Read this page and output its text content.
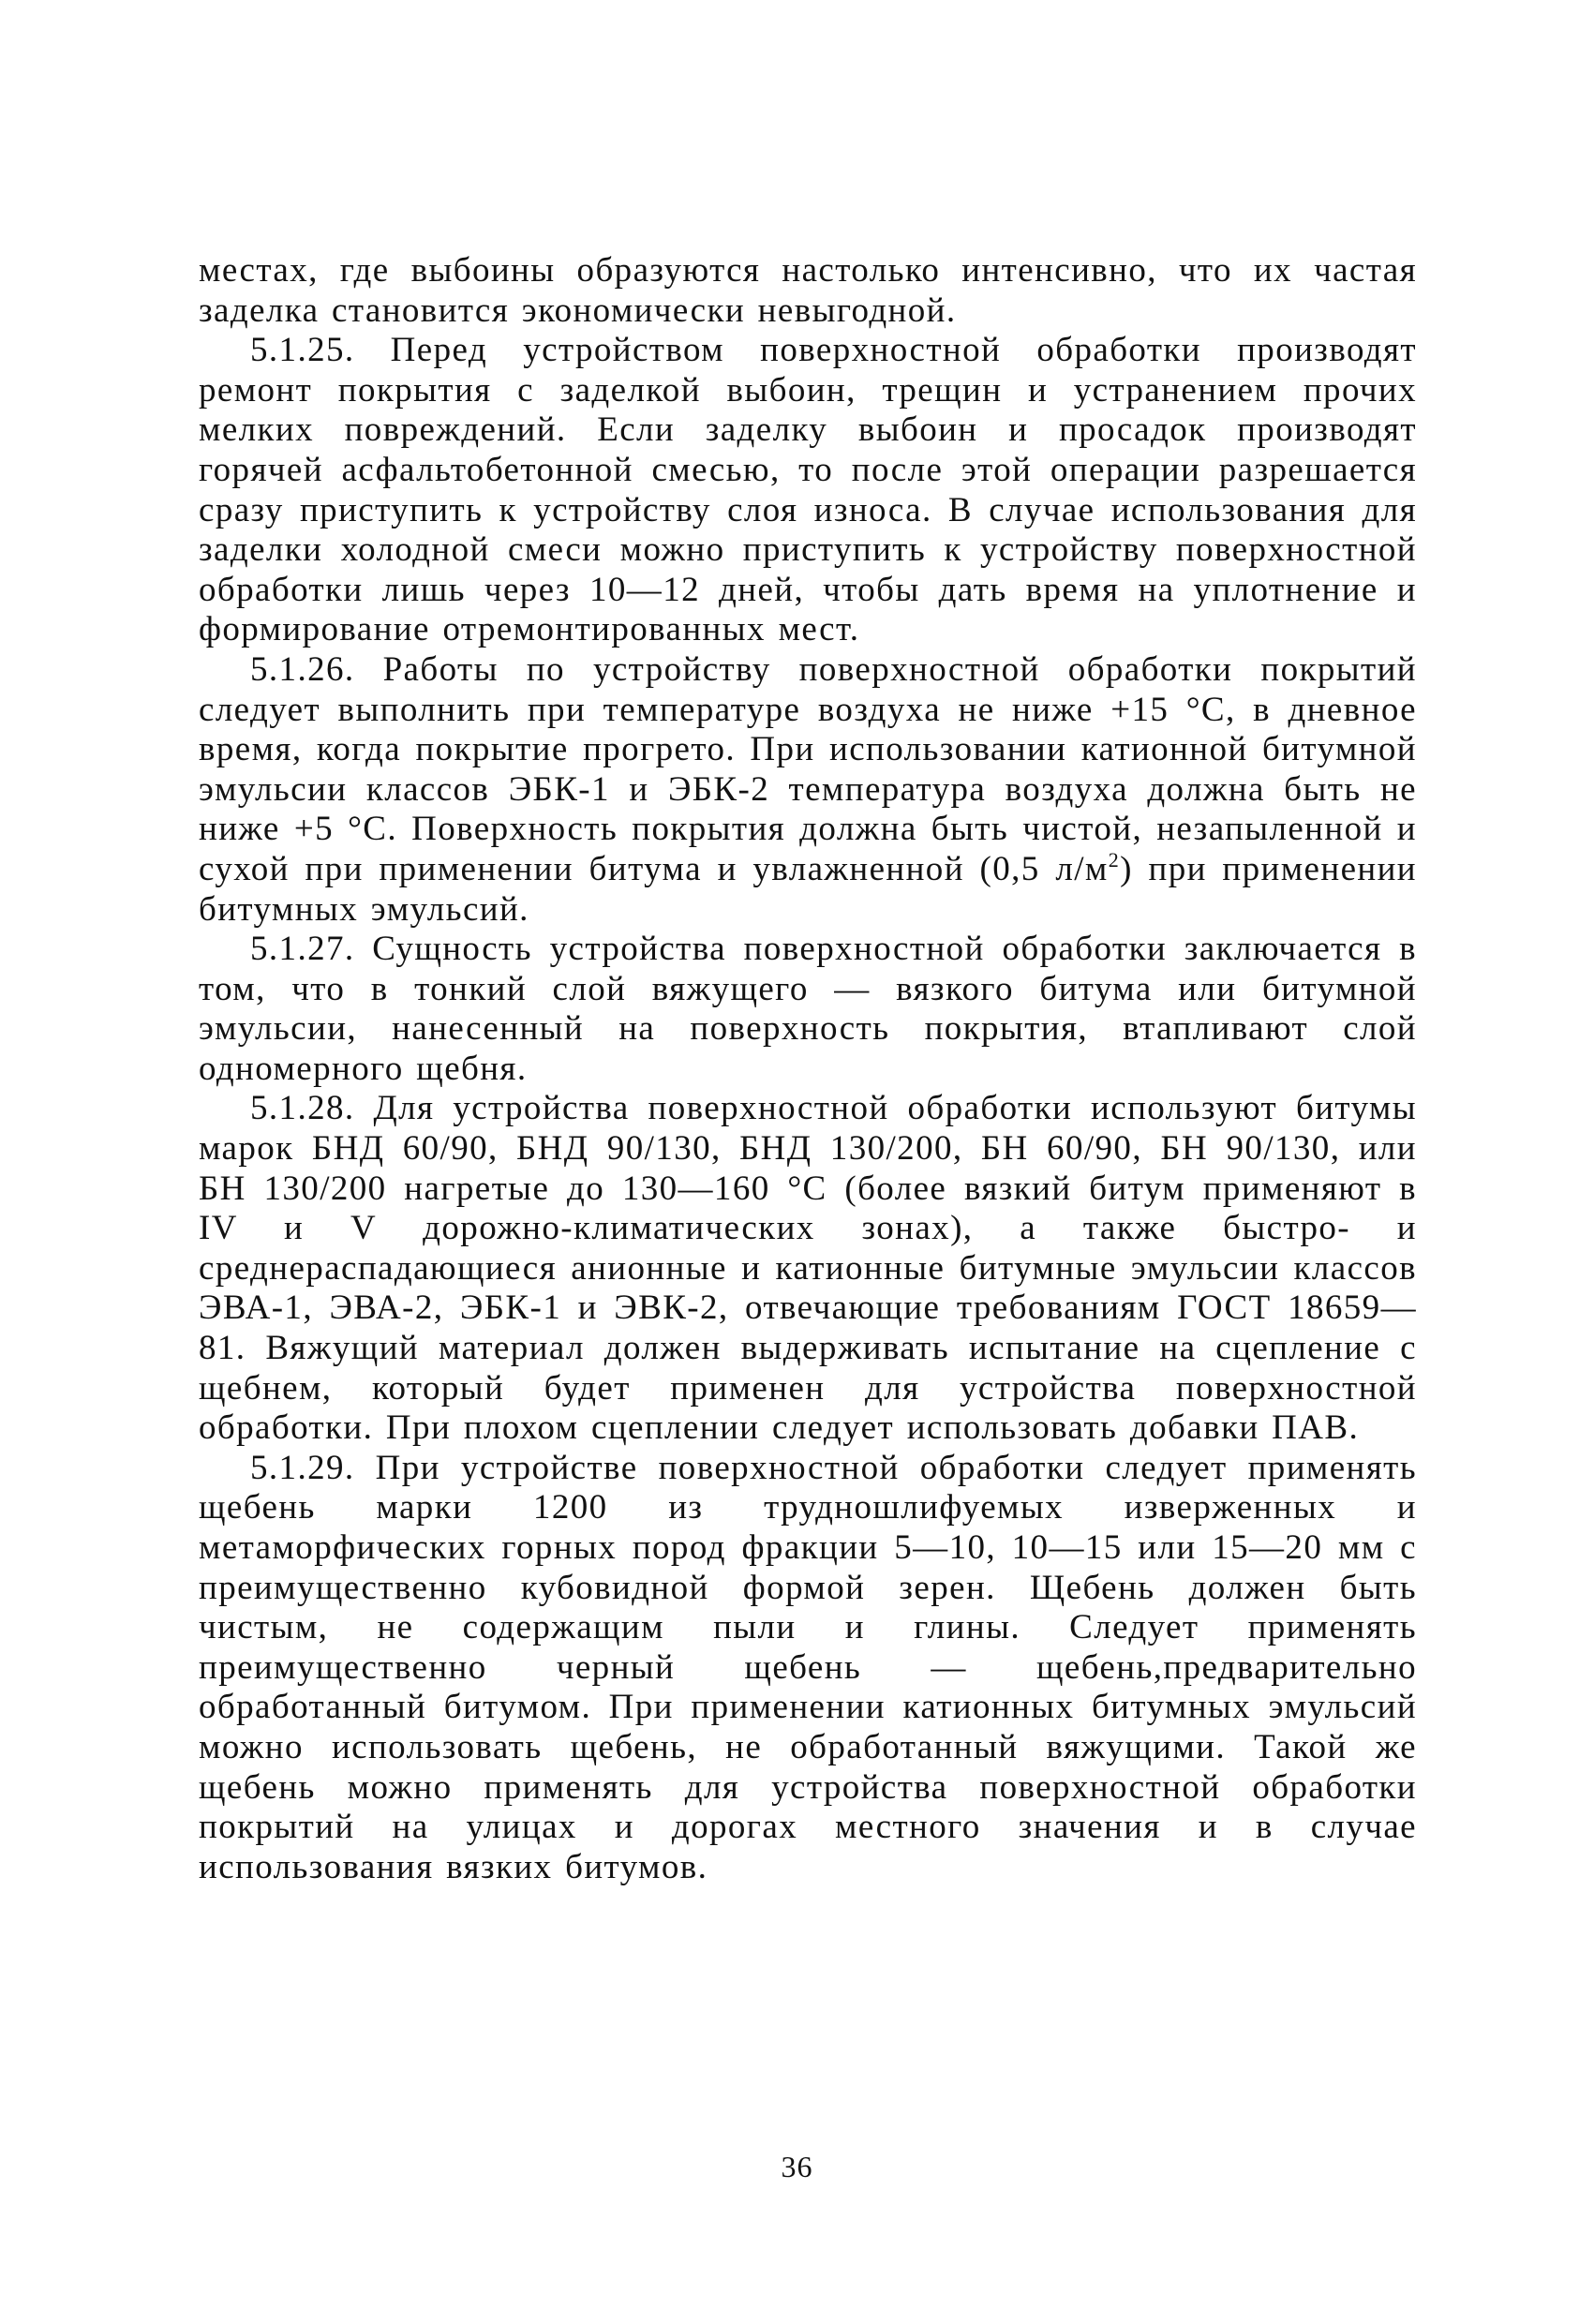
местах, где выбоины образуются настолько интенсивно, что их частая заделка становится экономически невыгодной.

5.1.25. Перед устройством поверхностной обработки производят ремонт покрытия с заделкой выбоин, трещин и устранением прочих мелких повреждений. Если заделку выбоин и просадок производят горячей асфальтобетонной смесью, то после этой операции разрешается сразу приступить к устройству слоя износа. В случае использования для заделки холодной смеси можно приступить к устройству поверхностной обработки лишь через 10—12 дней, чтобы дать время на уплотнение и формирование отремонтированных мест.

5.1.26. Работы по устройству поверхностной обработки покрытий следует выполнить при температуре воздуха не ниже +15 °С, в дневное время, когда покрытие прогрето. При использовании катионной битумной эмульсии классов ЭБК-1 и ЭБК-2 температура воздуха должна быть не ниже +5 °С. Поверхность покрытия должна быть чистой, незапыленной и сухой при применении битума и увлажненной (0,5 $л/м^2$) при применении битумных эмульсий.

5.1.27. Сущность устройства поверхностной обработки заключается в том, что в тонкий слой вяжущего — вязкого битума или битумной эмульсии, нанесенный на поверхность покрытия, втапливают слой одномерного щебня.

5.1.28. Для устройства поверхностной обработки используют битумы марок БНД 60/90, БНД 90/130, БНД 130/200, БН 60/90, БН 90/130, или БН 130/200 нагретые до 130—160 °С (более вязкий битум применяют в IV и V дорожно-климатических зонах), а также быстро- и среднераспадающиеся анионные и катионные битумные эмульсии классов ЭВА-1, ЭВА-2, ЭБК-1 и ЭВК-2, отвечающие требованиям ГОСТ 18659—81. Вяжущий материал должен выдерживать испытание на сцепление с щебнем, который будет применен для устройства поверхностной обработки. При плохом сцеплении следует использовать добавки ПАВ.

5.1.29. При устройстве поверхностной обработки следует применять щебень марки 1200 из трудношлифуемых изверженных и метаморфических горных пород фракции 5—10, 10—15 или 15—20 мм с преимущественно кубовидной формой зерен. Щебень должен быть чистым, не содержащим пыли и глины. Следует применять преимущественно черный щебень — щебень,предварительно обработанный битумом. При применении катионных битумных эмульсий можно использовать щебень, не обработанный вяжущими. Такой же щебень можно применять для устройства поверхностной обработки покрытий на улицах и дорогах местного значения и в случае использования вязких битумов.

36
